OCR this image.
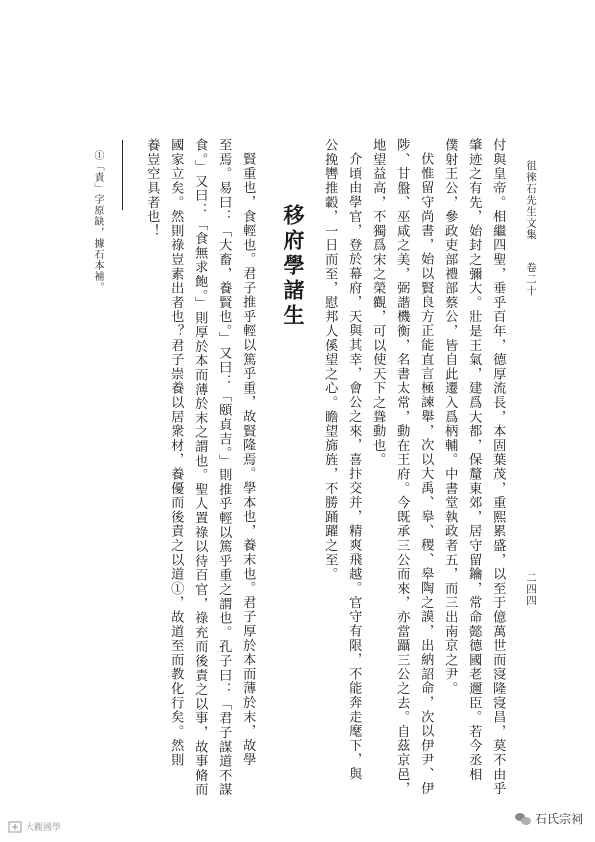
徂徠石先生文集
卷二十
二四四
付與皇帝。相繼四聖，垂乎百年，德厚流長，本固葉茂，重熙累盛，以至于億萬世而寖隆寖昌，莫不由乎
肇迹之有先，始封之彌大。壯是王氣，建爲大都，保釐東郊，居守留鑰，常命懿德國老邇臣。若今丞相
僕射王公，參政吏部禮部蔡公，皆自此遷入爲柄輔。中書堂執政者五，而三出南京之尹。
伏惟留守尚書，始以賢良方正能直言極諫舉，次以大禹、皋、稷、皋陶之謨，出納詔命，次以伊尹、伊
陟、甘盤、巫咸之美，弼諧機衡，名書太常，動在王府。今既承三公而來，亦當躡三公之去。自茲京邑，
地望益高，不獨爲宋之榮觀，可以使天下之聳動也。
介頃由學官，登於幕府，天與其幸，會公之來，喜抃交并，精爽飛越。官守有限，不能奔走麾下，與
公挽轡推轂，一日而至，慰邦人傒望之心。瞻望旆旌，不勝踊躍之至。
移府學諸生
賢重也，食輕也。君子推乎輕以篤乎重，故賢隆焉。學本也，養末也。君子厚於本而薄於末，故學
至焉。易曰：「大畜，養賢也。」又曰：「頤貞吉。」則推乎輕以篤乎重之謂也。孔子曰：「君子謀道不謀
食。」又曰：「食無求飽。」則厚於本而薄於末之謂也。聖人置祿以待百官，祿充而後責之以事，故事脩而
國家立矣。然則祿豈素出者也？君子崇養以居衆材，養優而後責之以道①，故道至而教化行矣。然則
養豈空具者也！
①「責」字原缺，據石本補。
大觀國學
石氏宗祠
